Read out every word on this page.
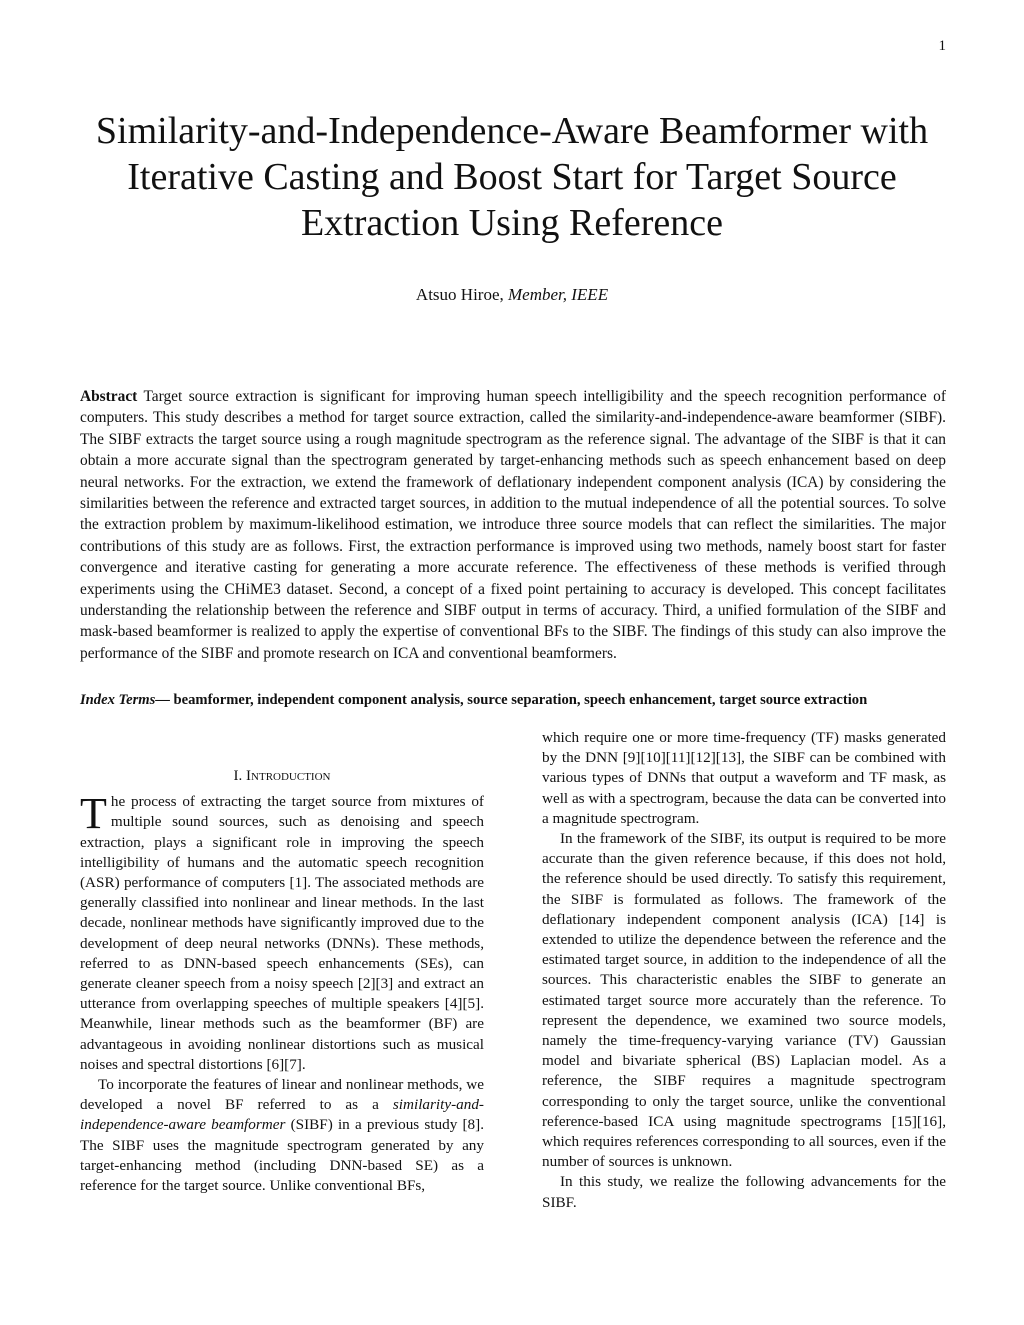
1
Similarity-and-Independence-Aware Beamformer with Iterative Casting and Boost Start for Target Source Extraction Using Reference
Atsuo Hiroe, Member, IEEE

Abstract Target source extraction is significant for improving human speech intelligibility and the speech recognition performance of computers. This study describes a method for target source extraction, called the similarity-and-independence-aware beamformer (SIBF). The SIBF extracts the target source using a rough magnitude spectrogram as the reference signal. The advantage of the SIBF is that it can obtain a more accurate signal than the spectrogram generated by target-enhancing methods such as speech enhancement based on deep neural networks. For the extraction, we extend the framework of deflationary independent component analysis (ICA) by considering the similarities between the reference and extracted target sources, in addition to the mutual independence of all the potential sources. To solve the extraction problem by maximum-likelihood estimation, we introduce three source models that can reflect the similarities. The major contributions of this study are as follows. First, the extraction performance is improved using two methods, namely boost start for faster convergence and iterative casting for generating a more accurate reference. The effectiveness of these methods is verified through experiments using the CHiME3 dataset. Second, a concept of a fixed point pertaining to accuracy is developed. This concept facilitates understanding the relationship between the reference and SIBF output in terms of accuracy. Third, a unified formulation of the SIBF and mask-based beamformer is realized to apply the expertise of conventional BFs to the SIBF. The findings of this study can also improve the performance of the SIBF and promote research on ICA and conventional beamformers.

Index Terms— beamformer, independent component analysis, source separation, speech enhancement, target source extraction

I. Introduction

The process of extracting the target source from mixtures of multiple sound sources, such as denoising and speech extraction, plays a significant role in improving the speech intelligibility of humans and the automatic speech recognition (ASR) performance of computers [1]. The associated methods are generally classified into nonlinear and linear methods. In the last decade, nonlinear methods have significantly improved due to the development of deep neural networks (DNNs). These methods, referred to as DNN-based speech enhancements (SEs), can generate cleaner speech from a noisy speech [2][3] and extract an utterance from overlapping speeches of multiple speakers [4][5]. Meanwhile, linear methods such as the beamformer (BF) are advantageous in avoiding nonlinear distortions such as musical noises and spectral distortions [6][7].

To incorporate the features of linear and nonlinear methods, we developed a novel BF referred to as a similarity-and-independence-aware beamformer (SIBF) in a previous study [8]. The SIBF uses the magnitude spectrogram generated by any target-enhancing method (including DNN-based SE) as a reference for the target source. Unlike conventional BFs,

which require one or more time-frequency (TF) masks generated by the DNN [9][10][11][12][13], the SIBF can be combined with various types of DNNs that output a waveform and TF mask, as well as with a spectrogram, because the data can be converted into a magnitude spectrogram.

In the framework of the SIBF, its output is required to be more accurate than the given reference because, if this does not hold, the reference should be used directly. To satisfy this requirement, the SIBF is formulated as follows. The framework of the deflationary independent component analysis (ICA) [14] is extended to utilize the dependence between the reference and the estimated target source, in addition to the independence of all the sources. This characteristic enables the SIBF to generate an estimated target source more accurately than the reference. To represent the dependence, we examined two source models, namely the time-frequency-varying variance (TV) Gaussian model and bivariate spherical (BS) Laplacian model. As a reference, the SIBF requires a magnitude spectrogram corresponding to only the target source, unlike the conventional reference-based ICA using magnitude spectrograms [15][16], which requires references corresponding to all sources, even if the number of sources is unknown.

In this study, we realize the following advancements for the SIBF.
